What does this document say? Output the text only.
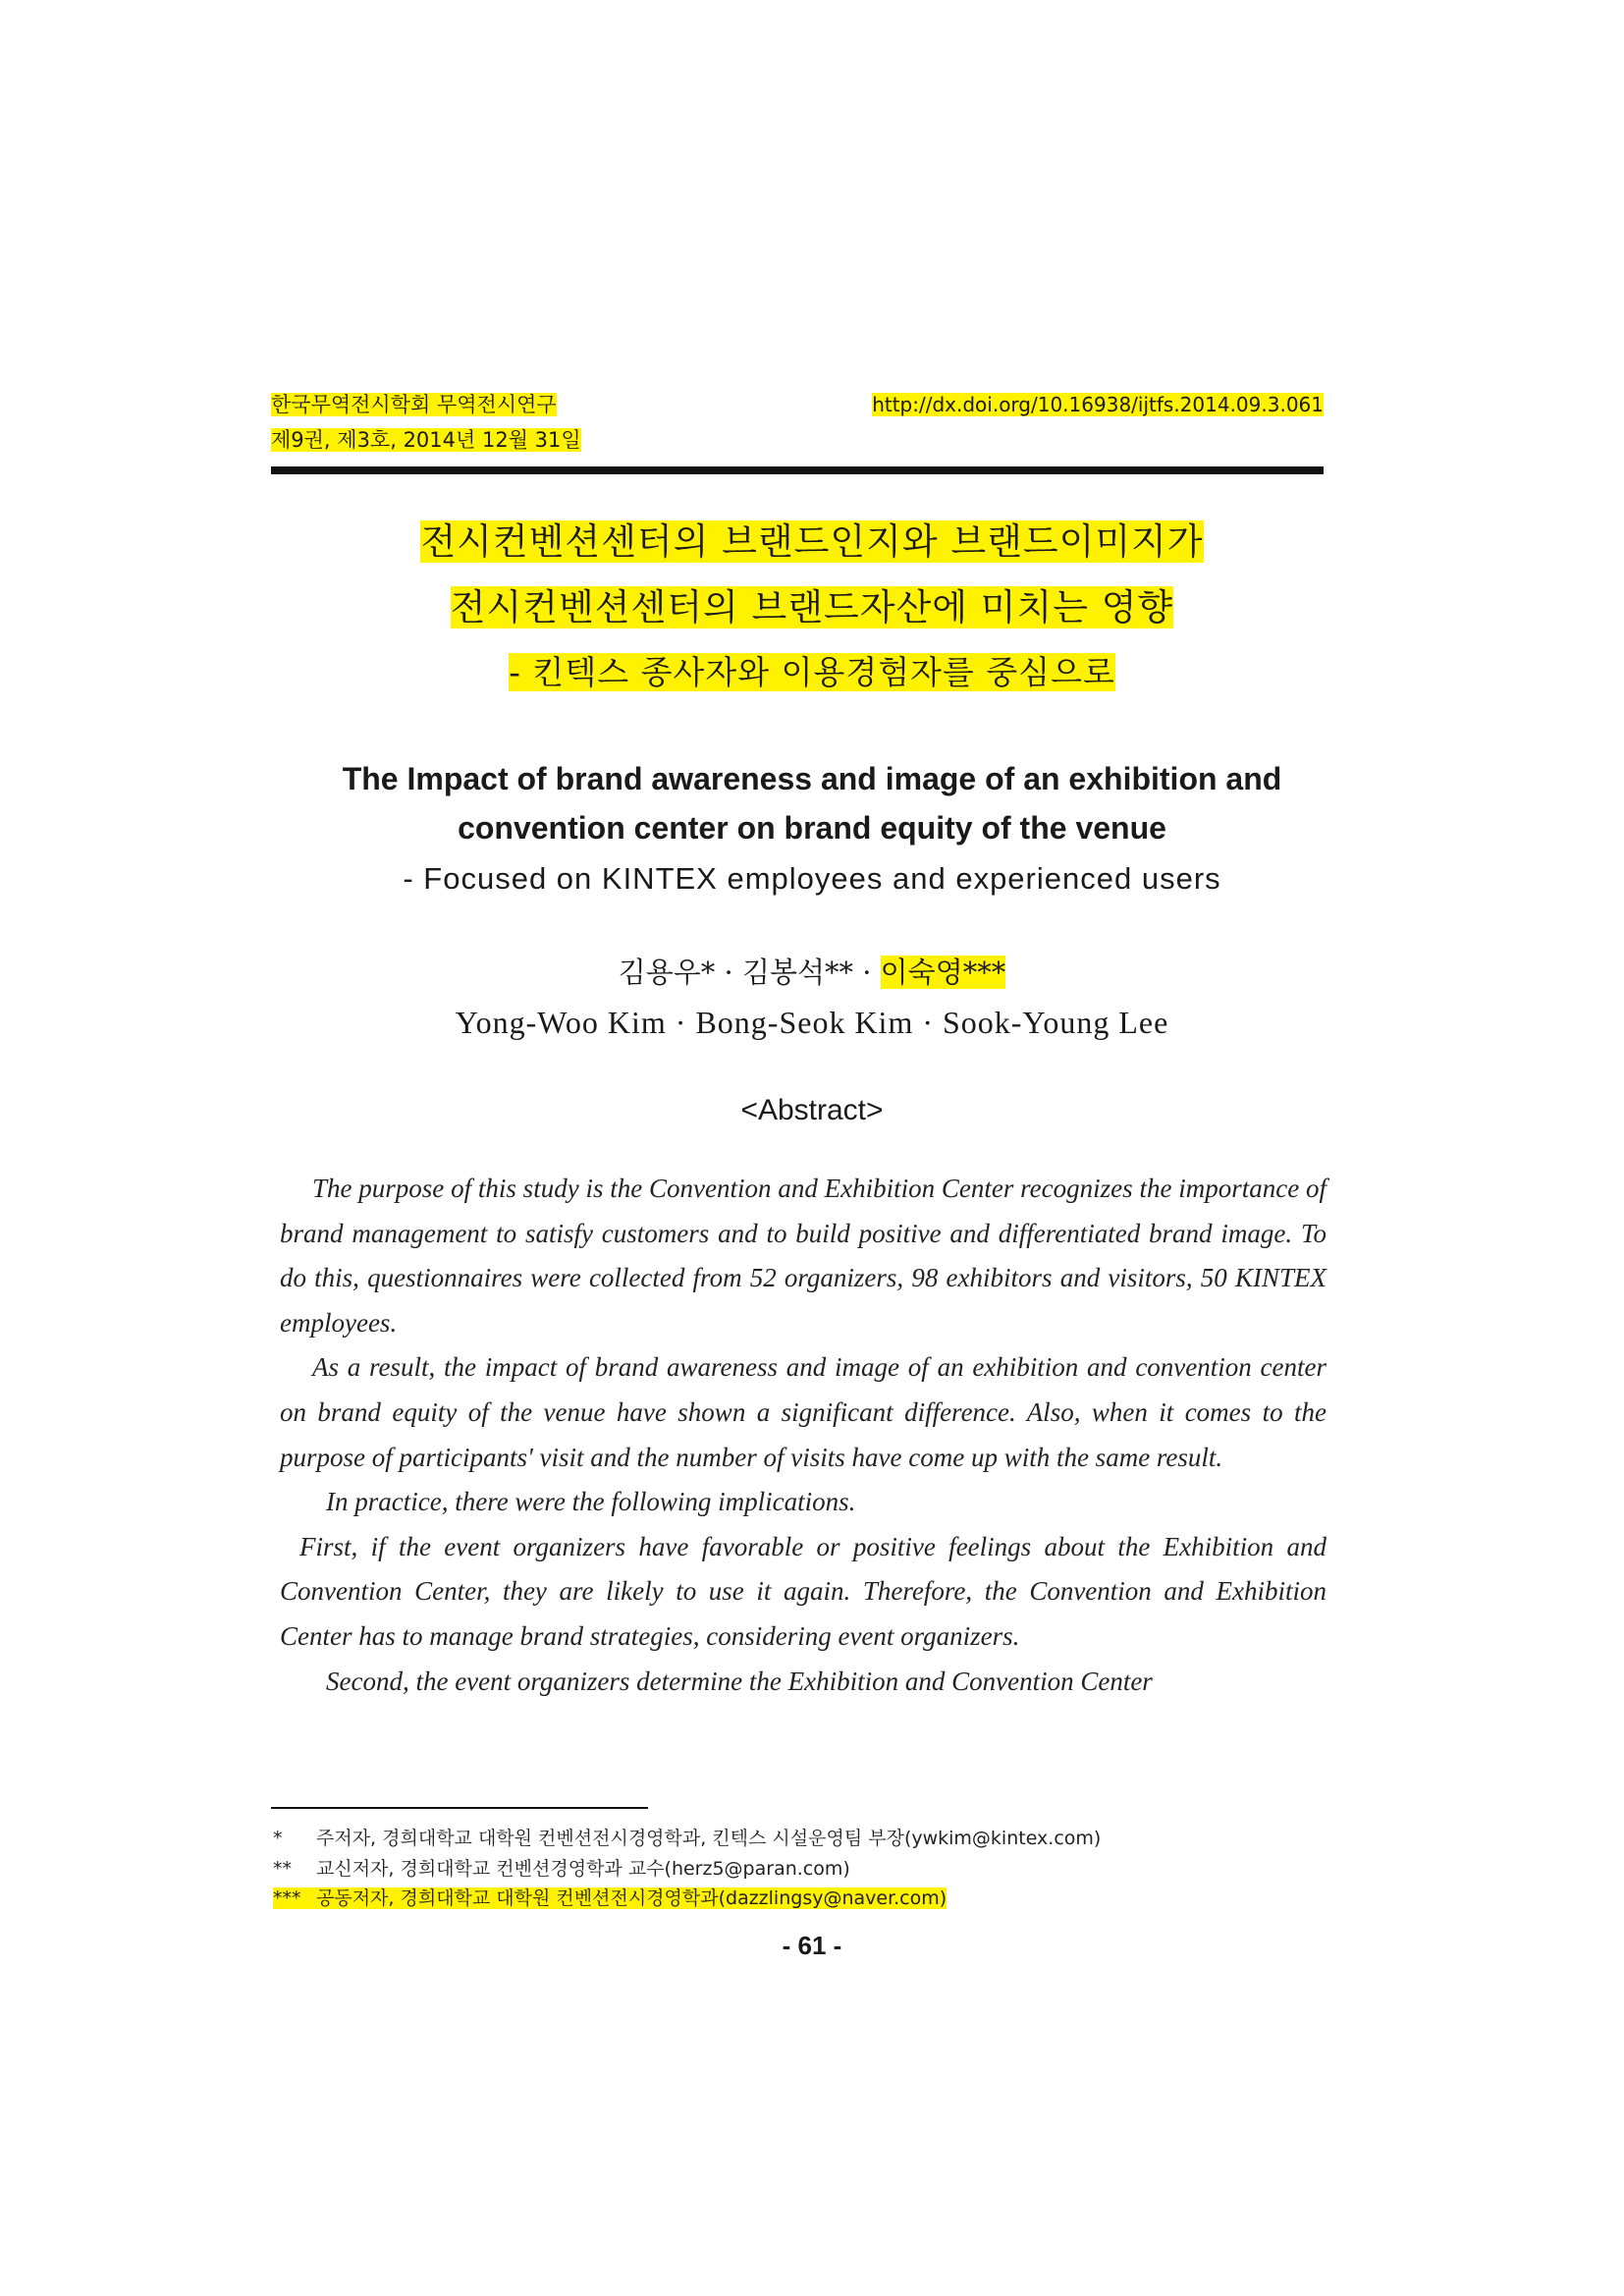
한국무역전시학회 무역전시연구
제9권, 제3호, 2014년 12월 31일
http://dx.doi.org/10.16938/ijtfs.2014.09.3.061
전시컨벤션센터의 브랜드인지와 브랜드이미지가
전시컨벤션센터의 브랜드자산에 미치는 영향
- 킨텍스 종사자와 이용경험자를 중심으로
The Impact of brand awareness and image of an exhibition and
convention center on brand equity of the venue
- Focused on KINTEX employees and experienced users
김용우* · 김봉석** · 이숙영***
Yong-Woo Kim · Bong-Seok Kim · Sook-Young Lee
<Abstract>

The purpose of this study is the Convention and Exhibition Center recognizes the importance of brand management to satisfy customers and to build positive and differentiated brand image. To do this, questionnaires were collected from 52 organizers, 98 exhibitors and visitors, 50 KINTEX employees.

As a result, the impact of brand awareness and image of an exhibition and convention center on brand equity of the venue have shown a significant difference. Also, when it comes to the purpose of participants' visit and the number of visits have come up with the same result.

In practice, there were the following implications.

First, if the event organizers have favorable or positive feelings about the Exhibition and Convention Center, they are likely to use it again. Therefore, the Convention and Exhibition Center has to manage brand strategies, considering event organizers.

Second, the event organizers determine the Exhibition and Convention Center

* 주저자, 경희대학교 대학원 컨벤션전시경영학과, 킨텍스 시설운영팀 부장(ywkim@kintex.com)
** 교신저자, 경희대학교 컨벤션경영학과 교수(herz5@paran.com)
*** 공동저자, 경희대학교 대학원 컨벤션전시경영학과(dazzlingsy@naver.com)
- 61 -
